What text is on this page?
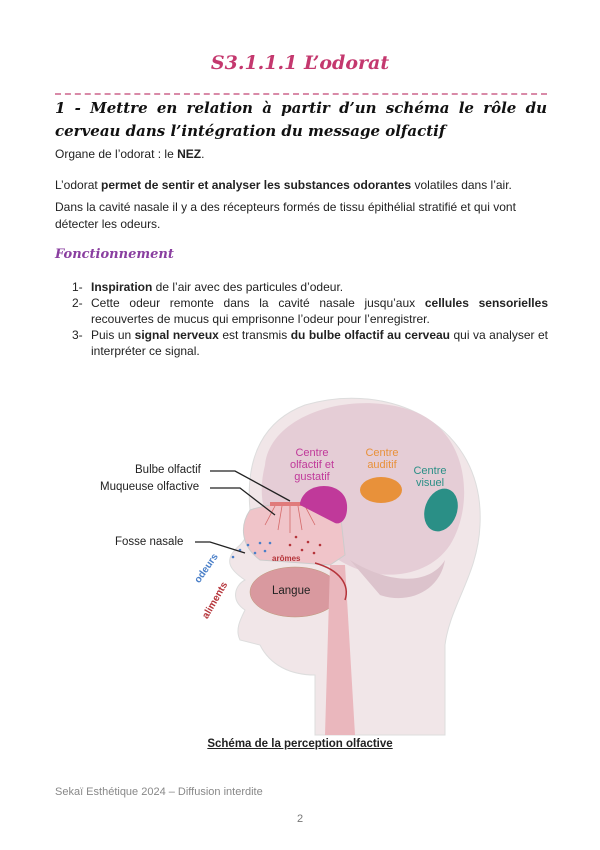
S3.1.1.1 L’odorat
1 - Mettre en relation à partir d’un schéma le rôle du cerveau dans l’intégration du message olfactif
Organe de l’odorat : le NEZ.
L’odorat permet de sentir et analyser les substances odorantes volatiles dans l’air.
Dans la cavité nasale il y a des récepteurs formés de tissu épithélial stratifié et qui vont détecter les odeurs.
Fonctionnement
1- Inspiration de l’air avec des particules d’odeur.
2- Cette odeur remonte dans la cavité nasale jusqu’aux cellules sensorielles recouvertes de mucus qui emprisonne l’odeur pour l’enregistrer.
3- Puis un signal nerveux est transmis du bulbe olfactif au cerveau qui va analyser et interpréter ce signal.
Bulbe olfactif
Muqueuse olfactive
Fosse nasale
Centre olfactif et gustatif
Centre auditif	Centre visuel
arômes
odeurs
aliments	Langue
Schéma de la perception olfactive
Sekaï Esthétique 2024 – Diffusion interdite
2
